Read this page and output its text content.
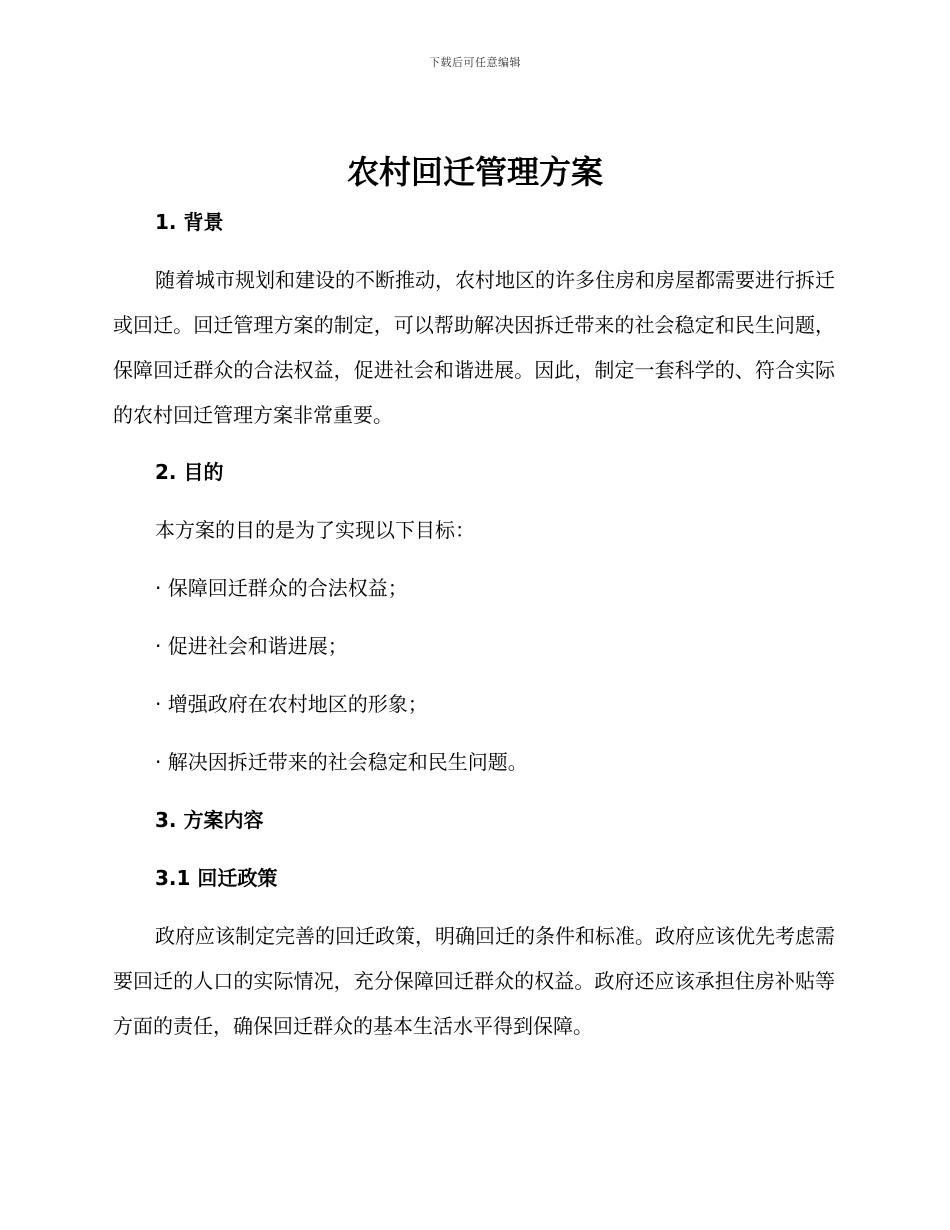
下载后可任意编辑
农村回迁管理方案
1. 背景

随着城市规划和建设的不断推动，农村地区的许多住房和房屋都需要进行拆迁或回迁。回迁管理方案的制定，可以帮助解决因拆迁带来的社会稳定和民生问题，保障回迁群众的合法权益，促进社会和谐进展。因此，制定一套科学的、符合实际的农村回迁管理方案非常重要。

2. 目的

本方案的目的是为了实现以下目标：

· 保障回迁群众的合法权益；

· 促进社会和谐进展；

· 增强政府在农村地区的形象；

· 解决因拆迁带来的社会稳定和民生问题。

3. 方案内容
3.1 回迁政策

政府应该制定完善的回迁政策，明确回迁的条件和标准。政府应该优先考虑需要回迁的人口的实际情况，充分保障回迁群众的权益。政府还应该承担住房补贴等方面的责任，确保回迁群众的基本生活水平得到保障。
